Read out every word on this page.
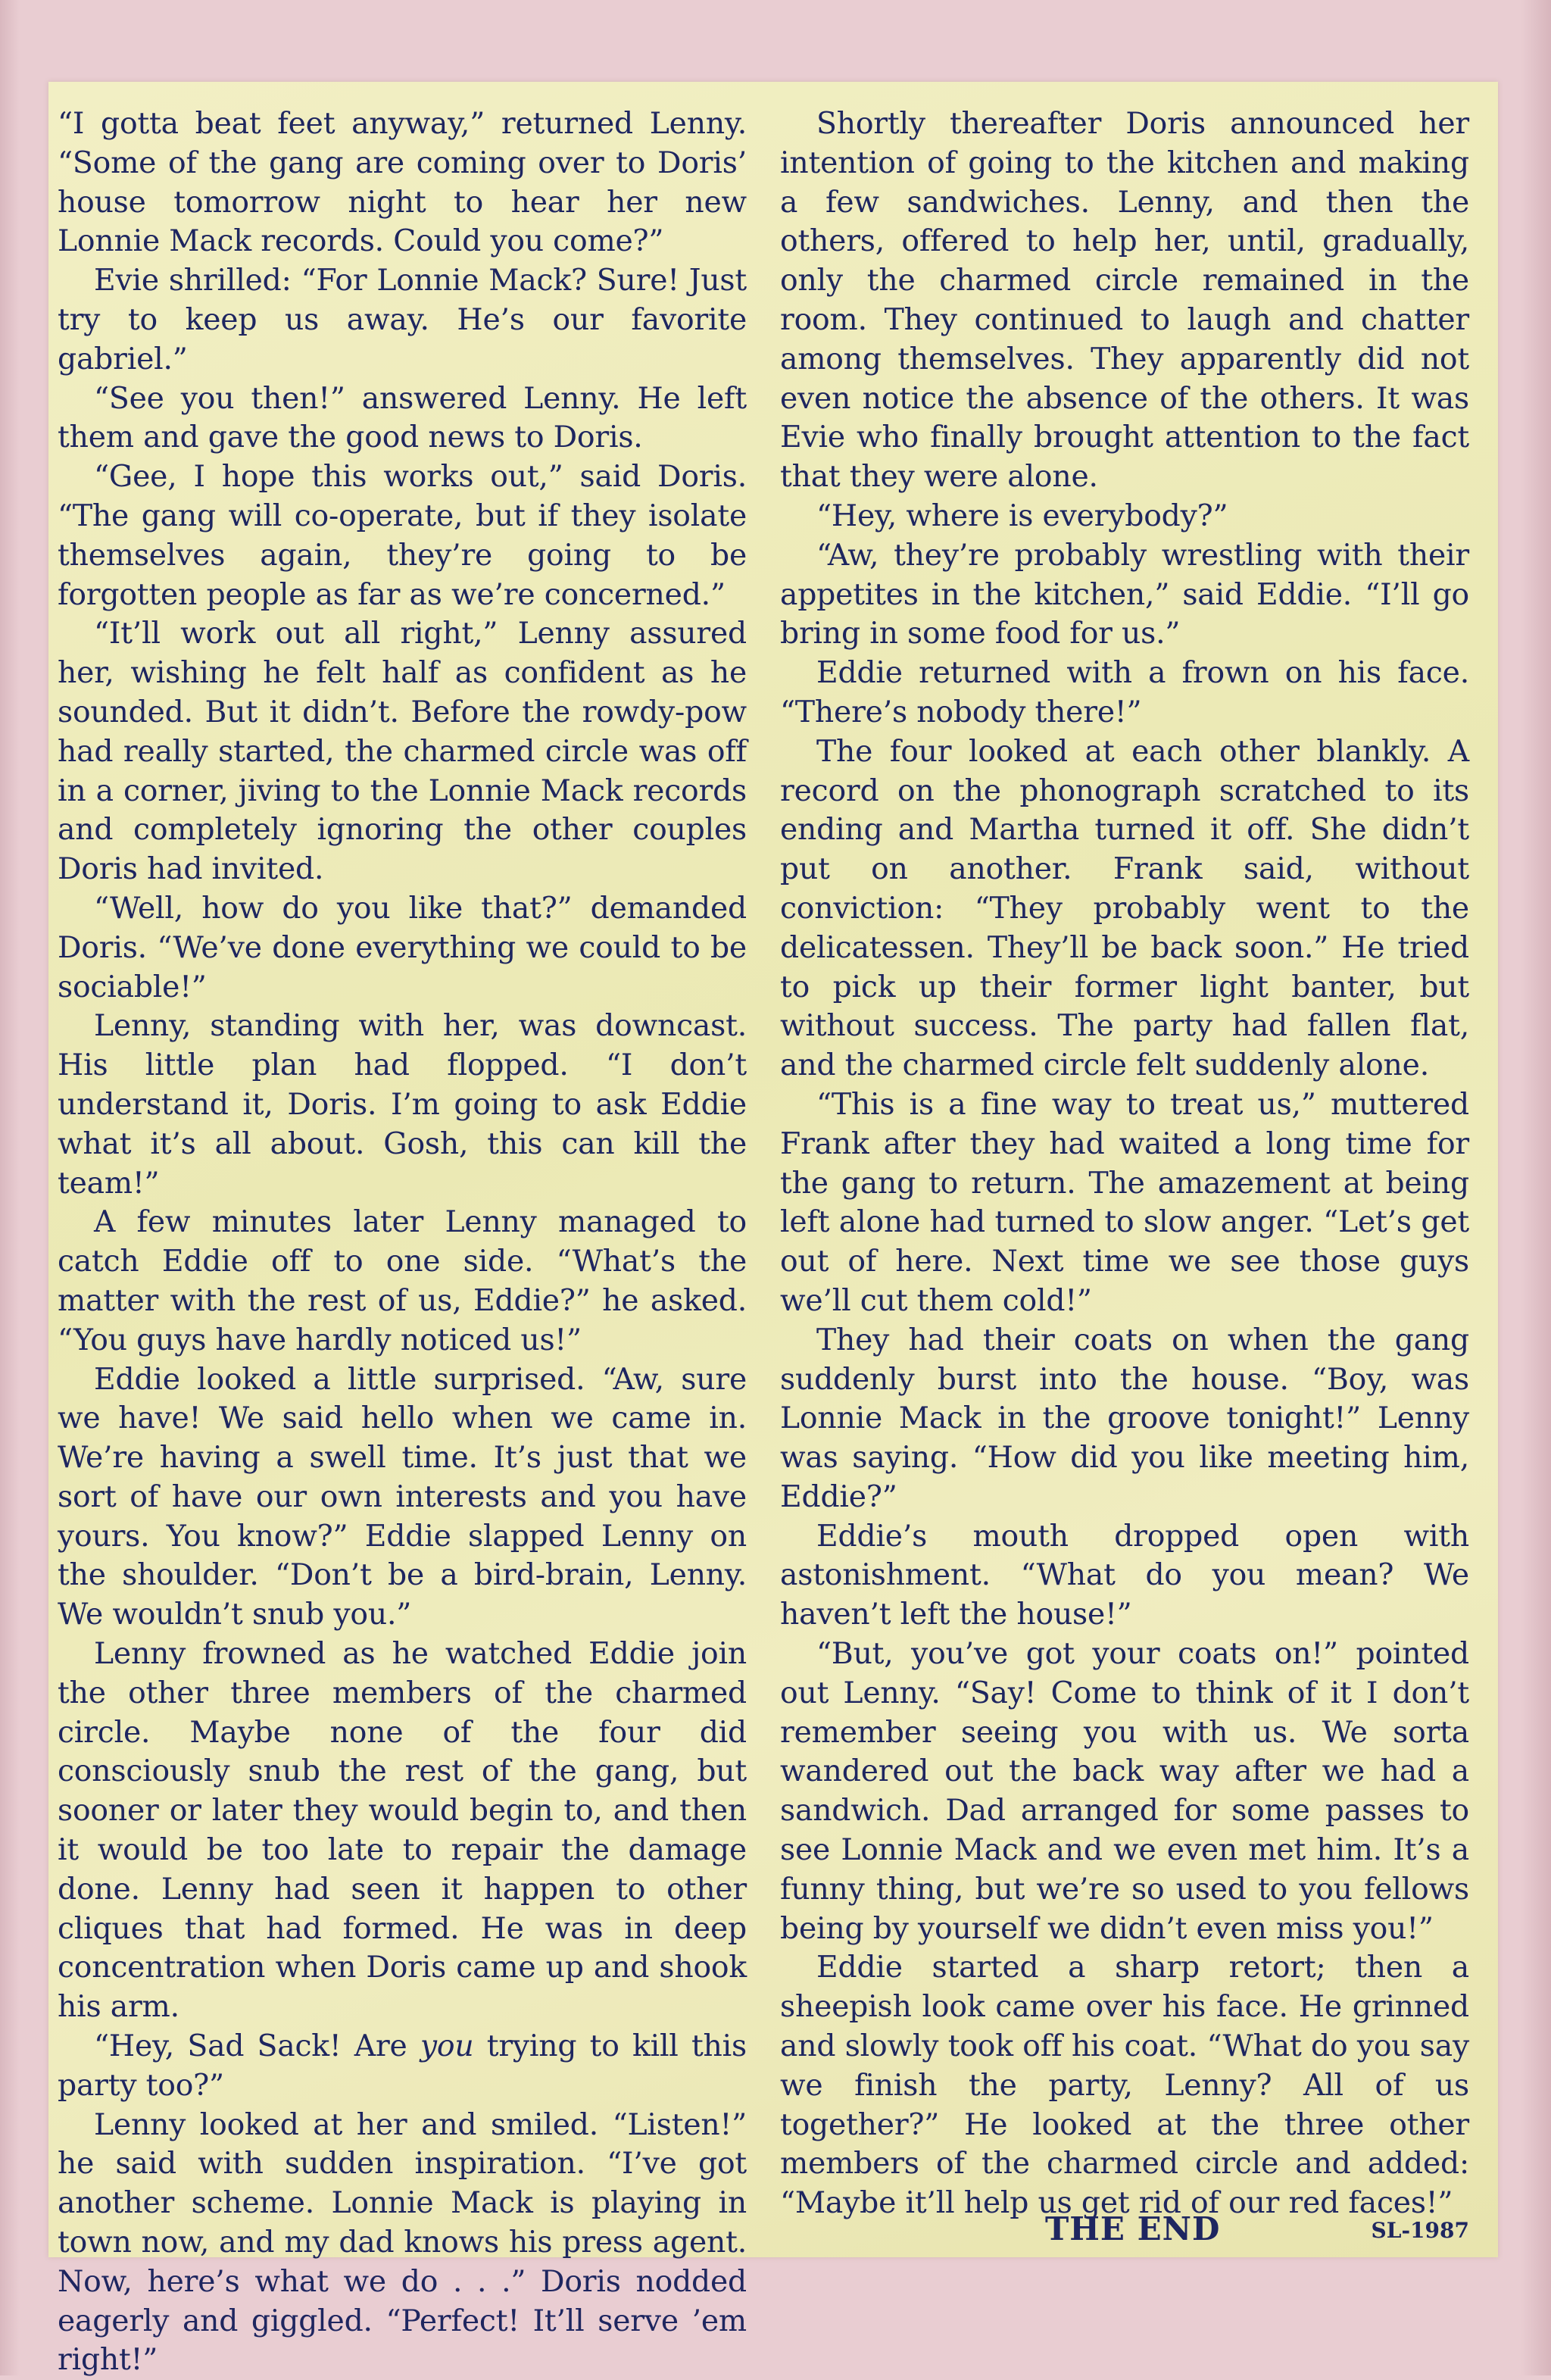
“I gotta beat feet anyway,” returned Lenny. “Some of the gang are coming over to Doris’ house tomorrow night to hear her new Lonnie Mack records. Could you come?”

Evie shrilled: “For Lonnie Mack? Sure! Just try to keep us away. He’s our favorite gabriel.”

“See you then!” answered Lenny. He left them and gave the good news to Doris.

“Gee, I hope this works out,” said Doris. “The gang will co-operate, but if they isolate themselves again, they’re going to be forgotten people as far as we’re concerned.”

“It’ll work out all right,” Lenny assured her, wishing he felt half as confident as he sounded. But it didn’t. Before the rowdy-pow had really started, the charmed circle was off in a corner, jiving to the Lonnie Mack records and completely ignoring the other couples Doris had invited.

“Well, how do you like that?” demanded Doris. “We’ve done everything we could to be sociable!”

Lenny, standing with her, was downcast. His little plan had flopped. “I don’t understand it, Doris. I’m going to ask Eddie what it’s all about. Gosh, this can kill the team!”

A few minutes later Lenny managed to catch Eddie off to one side. “What’s the matter with the rest of us, Eddie?” he asked. “You guys have hardly noticed us!”

Eddie looked a little surprised. “Aw, sure we have! We said hello when we came in. We’re having a swell time. It’s just that we sort of have our own interests and you have yours. You know?” Eddie slapped Lenny on the shoulder. “Don’t be a bird-brain, Lenny. We wouldn’t snub you.”

Lenny frowned as he watched Eddie join the other three members of the charmed circle. Maybe none of the four did consciously snub the rest of the gang, but sooner or later they would begin to, and then it would be too late to repair the damage done. Lenny had seen it happen to other cliques that had formed. He was in deep concentration when Doris came up and shook his arm.

“Hey, Sad Sack! Are you trying to kill this party too?”

Lenny looked at her and smiled. “Listen!” he said with sudden inspiration. “I’ve got another scheme. Lonnie Mack is playing in town now, and my dad knows his press agent. Now, here’s what we do . . .” Doris nodded eagerly and giggled. “Perfect! It’ll serve ’em right!”

Shortly thereafter Doris announced her intention of going to the kitchen and making a few sandwiches. Lenny, and then the others, offered to help her, until, gradually, only the charmed circle remained in the room. They continued to laugh and chatter among themselves. They apparently did not even notice the absence of the others. It was Evie who finally brought attention to the fact that they were alone.

“Hey, where is everybody?”

“Aw, they’re probably wrestling with their appetites in the kitchen,” said Eddie. “I’ll go bring in some food for us.”

Eddie returned with a frown on his face. “There’s nobody there!”

The four looked at each other blankly. A record on the phonograph scratched to its ending and Martha turned it off. She didn’t put on another. Frank said, without conviction: “They probably went to the delicatessen. They’ll be back soon.” He tried to pick up their former light banter, but without success. The party had fallen flat, and the charmed circle felt suddenly alone.

“This is a fine way to treat us,” muttered Frank after they had waited a long time for the gang to return. The amazement at being left alone had turned to slow anger. “Let’s get out of here. Next time we see those guys we’ll cut them cold!”

They had their coats on when the gang suddenly burst into the house. “Boy, was Lonnie Mack in the groove tonight!” Lenny was saying. “How did you like meeting him, Eddie?”

Eddie’s mouth dropped open with astonishment. “What do you mean? We haven’t left the house!”

“But, you’ve got your coats on!” pointed out Lenny. “Say! Come to think of it I don’t remember seeing you with us. We sorta wandered out the back way after we had a sandwich. Dad arranged for some passes to see Lonnie Mack and we even met him. It’s a funny thing, but we’re so used to you fellows being by yourself we didn’t even miss you!”

Eddie started a sharp retort; then a sheepish look came over his face. He grinned and slowly took off his coat. “What do you say we finish the party, Lenny? All of us together?” He looked at the three other members of the charmed circle and added: “Maybe it’ll help us get rid of our red faces!”

THE END	SL-1987
